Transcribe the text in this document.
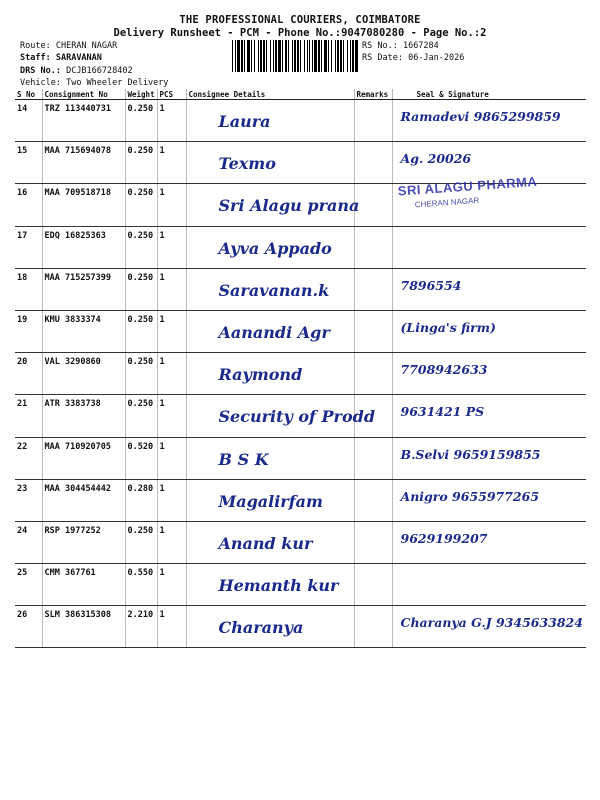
THE PROFESSIONAL COURIERS, COIMBATORE
Delivery Runsheet - PCM - Phone No.:9047080280 - Page No.:2
Route: CHERAN NAGAR
Staff: SARAVANAN
DRS No.: DCJB166728402
Vehicle: Two Wheeler Delivery
RS No.: 1667284
RS Date: 06-Jan-2026
S No	Consignment No	Weight	PCS	Consignee Details	Remarks	Seal & Signature
14	TRZ 113440731	0.250	1	Laura		Ramadevi 9865299859
15	MAA 715694078	0.250	1	Texmo		Ag. 20026
16	MAA 709518718	0.250	1	Sri Alagu prana		
17	EDQ 16825363	0.250	1	Ayva Appado		
18	MAA 715257399	0.250	1	Saravanan.k		7896554
19	KMU 3833374	0.250	1	Aanandi Agr		(Linga's firm)
20	VAL 3290860	0.250	1	Raymond		7708942633
21	ATR 3383738	0.250	1	Security of Prodd		9631421 PS
22	MAA 710920705	0.520	1	B S K		B.Selvi 9659159855
23	MAA 304454442	0.280	1	Magalirfam		Anigro 9655977265
24	RSP 1977252	0.250	1	Anand kur		9629199207
25	CMM 367761	0.550	1	Hemanth kur		
26	SLM 386315308	2.210	1	Charanya		Charanya G.J 9345633824
SRI ALAGU PHARMA
CHERAN NAGAR
